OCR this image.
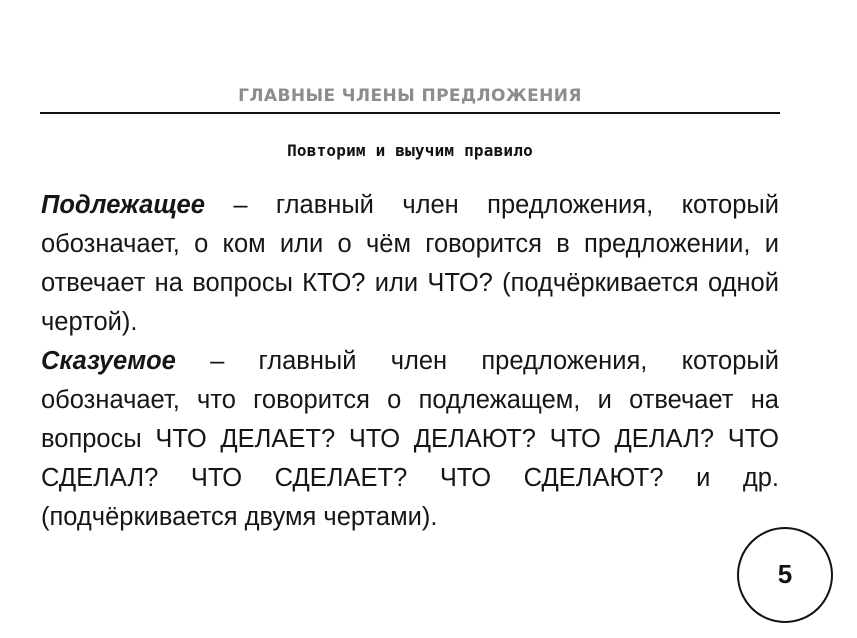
ГЛАВНЫЕ ЧЛЕНЫ ПРЕДЛОЖЕНИЯ
Повторим и выучим правило

Подлежащее – главный член предложения, который обозначает, о ком или о чём говорится в предложении, и отвечает на вопросы КТО? или ЧТО? (подчёркивается одной чертой).

Сказуемое – главный член предложения, который обозначает, что говорится о подлежащем, и отвечает на вопросы ЧТО ДЕЛАЕТ? ЧТО ДЕЛАЮТ? ЧТО ДЕЛАЛ? ЧТО СДЕЛАЛ? ЧТО СДЕЛАЕТ? ЧТО СДЕЛАЮТ? и др. (подчёркивается двумя чертами).

5
